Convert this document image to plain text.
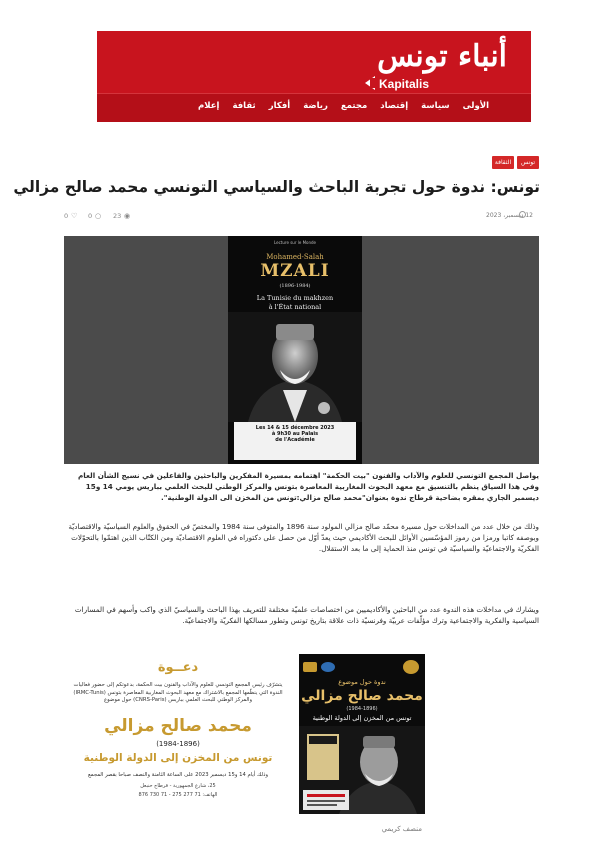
أنباء تونس
Kapitalis
الأولى
سياسة
إقتصاد
مجتمع
رياضة
أفكار
ثقافة
إعلام
تونس
الثقافة
تونس: ندوة حول تجربة الباحث والسياسي التونسي محمد صالح مزالي
12 ديسمبر، 2023
23 ◉
0 ○
0 ♡
Lecture sur le Monde
Mohamed-Salah
MZALI
(1896-1984)
La Tunisie du makhzen
à l'État national
Les 14 & 15 décembre 2023
à 9h30 au Palais
de l'Académie
يواصل المجمع التونسي للعلوم والآداب والفنون "بيت الحكمة" اهتمامه بمسيرة المفكرين والباحثين والفاعلين في نسيج الشأن العام وفي هذا السياق ينظم بالتنسيق مع معهد البحوث المغاربية المعاصرة بتونس والمركز الوطني للبحث العلمي بباريس يومي 14 و15 ديسمبر الجاري بمقره بضاحية قرطاج ندوة بعنوان"محمد صالح مزالي:تونس من المخزن الى الدولة الوطنية".
وذلك من خلال عدد من المداخلات حول مسيرة محمّد صالح مزالي المولود سنة 1896 والمتوفى سنة 1984 والمختصّ في الحقوق والعلوم السياسيّة والاقتصاديّة وبوصفه كاتبا ورمزا من رموز المؤسّسين الأوائل للبحث الأكاديمي حيث يعدّ أوّل من حصل على دكتوراه في العلوم الاقتصاديّة ومن الكتّاب الذين اهتمّوا بالتحوّلات الفكريّة والاجتماعيّة والسياسيّة في تونس منذ الحماية إلى ما بعد الاستقلال.
ويشارك في مداخلات هذه الندوة عدد من الباحثين والأكاديميين من اختصاصات علميّة مختلفة للتعريف بهذا الباحث والسياسيّ الذي واكب وأسهم في المسارات السياسية والفكرية والاجتماعية وترك مؤلّفات عربيّة وفرنسيّة ذات علاقة بتاريخ تونس وتطور مسالكها الفكريّة والاجتماعيّة.
دعــوة
يتشرّف رئيس المجمع التونسي للعلوم والآداب والفنون بيت الحكمة، بدعوتكم إلى حضور فعاليات الندوة التي ينظّمها المجمع بالاشتراك مع معهد البحوث المغاربية المعاصرة بتونس (IRMC-Tunis) والمركز الوطني للبحث العلمي بباريس (CNRS-Paris) حول موضوع
محمد صالح مزالي
(1984-1896)
تونس من المخزن إلى الدولة الوطنية
وذلك أيام 14 و15 ديسمبر 2023 على الساعة الثامنة والنصف صباحا بقصر المجمع
25، شارع الجمهورية - قرطاج حنبعل
الهاتف: 71 277 275 - 71 730 876
ندوة حول موضوع
محمد صالح مزالي
(1984-1896)
تونس من المخزن إلى الدولة الوطنية
منصف كريمي
